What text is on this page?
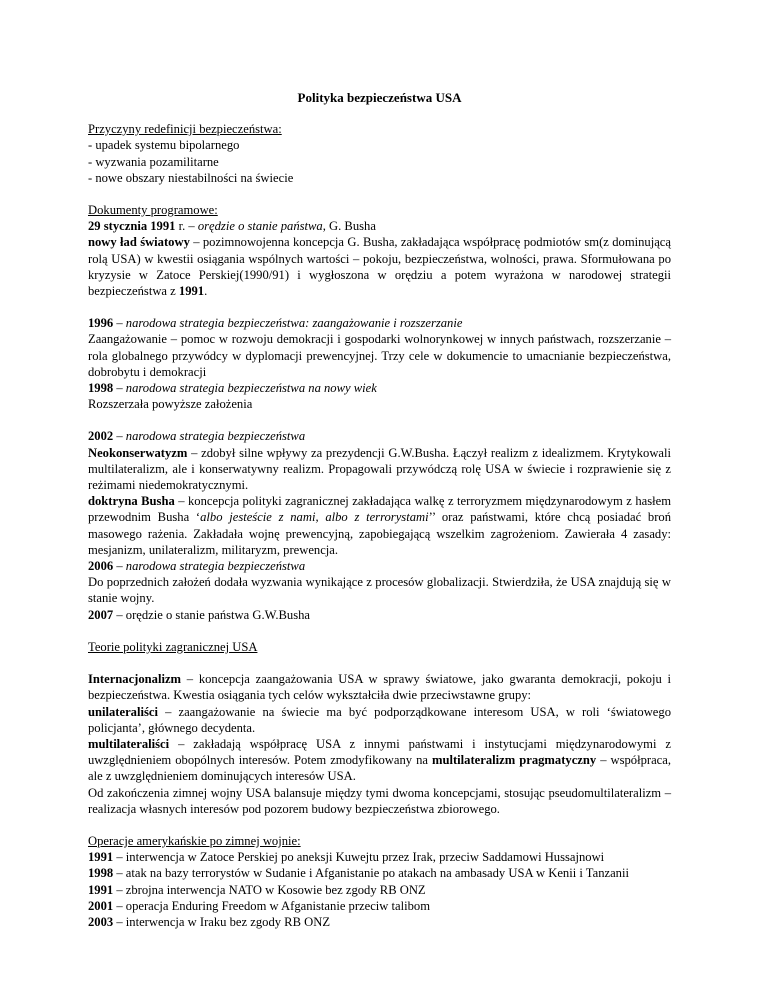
Polityka bezpieczeństwa USA

Przyczyny redefinicji bezpieczeństwa:

- upadek systemu bipolarnego

- wyzwania pozamilitarne

- nowe obszary niestabilności na świecie

Dokumenty programowe:

29 stycznia 1991 r. – orędzie o stanie państwa, G. Busha

nowy ład światowy – pozimnowojenna koncepcja G. Busha, zakładająca współpracę podmiotów sm(z dominującą rolą USA) w kwestii osiągania wspólnych wartości – pokoju, bezpieczeństwa, wolności, prawa. Sformułowana po kryzysie w Zatoce Perskiej(1990/91) i wygłoszona w orędziu a potem wyrażona w narodowej strategii bezpieczeństwa z 1991.

1996 – narodowa strategia bezpieczeństwa: zaangażowanie i rozszerzanie

Zaangażowanie – pomoc w rozwoju demokracji i gospodarki wolnorynkowej w innych państwach, rozszerzanie – rola globalnego przywódcy w dyplomacji prewencyjnej. Trzy cele w dokumencie to umacnianie bezpieczeństwa, dobrobytu i demokracji

1998 – narodowa strategia bezpieczeństwa na nowy wiek

Rozszerzała powyższe założenia

2002 – narodowa strategia bezpieczeństwa

Neokonserwatyzm – zdobył silne wpływy za prezydencji G.W.Busha. Łączył realizm z idealizmem. Krytykowali multilateralizm, ale i konserwatywny realizm. Propagowali przywódczą rolę USA w świecie i rozprawienie się z reżimami niedemokratycznymi.

doktryna Busha – koncepcja polityki zagranicznej zakładająca walkę z terroryzmem międzynarodowym z hasłem przewodnim Busha ‘albo jesteście z nami, albo z terrorystami’’ oraz państwami, które chcą posiadać broń masowego rażenia. Zakładała wojnę prewencyjną, zapobiegającą wszelkim zagrożeniom. Zawierała 4 zasady: mesjanizm, unilateralizm, militaryzm, prewencja.

2006 – narodowa strategia bezpieczeństwa

Do poprzednich założeń dodała wyzwania wynikające z procesów globalizacji. Stwierdziła, że USA znajdują się w stanie wojny.

2007 – orędzie o stanie państwa G.W.Busha

Teorie polityki zagranicznej USA

Internacjonalizm – koncepcja zaangażowania USA w sprawy światowe, jako gwaranta demokracji, pokoju i bezpieczeństwa. Kwestia osiągania tych celów wykształciła dwie przeciwstawne grupy:

unilateraliści – zaangażowanie na świecie ma być podporządkowane interesom USA, w roli ‘światowego policjanta’, głównego decydenta.

multilateraliści – zakładają współpracę USA z innymi państwami i instytucjami międzynarodowymi z uwzględnieniem obopólnych interesów. Potem zmodyfikowany na multilateralizm pragmatyczny – współpraca, ale z uwzględnieniem dominujących interesów USA.

Od zakończenia zimnej wojny USA balansuje między tymi dwoma koncepcjami, stosując pseudomultilateralizm – realizacja własnych interesów pod pozorem budowy bezpieczeństwa zbiorowego.

Operacje amerykańskie po zimnej wojnie:

1991 – interwencja w Zatoce Perskiej po aneksji Kuwejtu przez Irak, przeciw Saddamowi Hussajnowi

1998 – atak na bazy terrorystów w Sudanie i Afganistanie po atakach na ambasady USA w Kenii i Tanzanii

1991 – zbrojna interwencja NATO w Kosowie bez zgody RB ONZ

2001 – operacja Enduring Freedom w Afganistanie przeciw talibom

2003 – interwencja w Iraku bez zgody RB ONZ
